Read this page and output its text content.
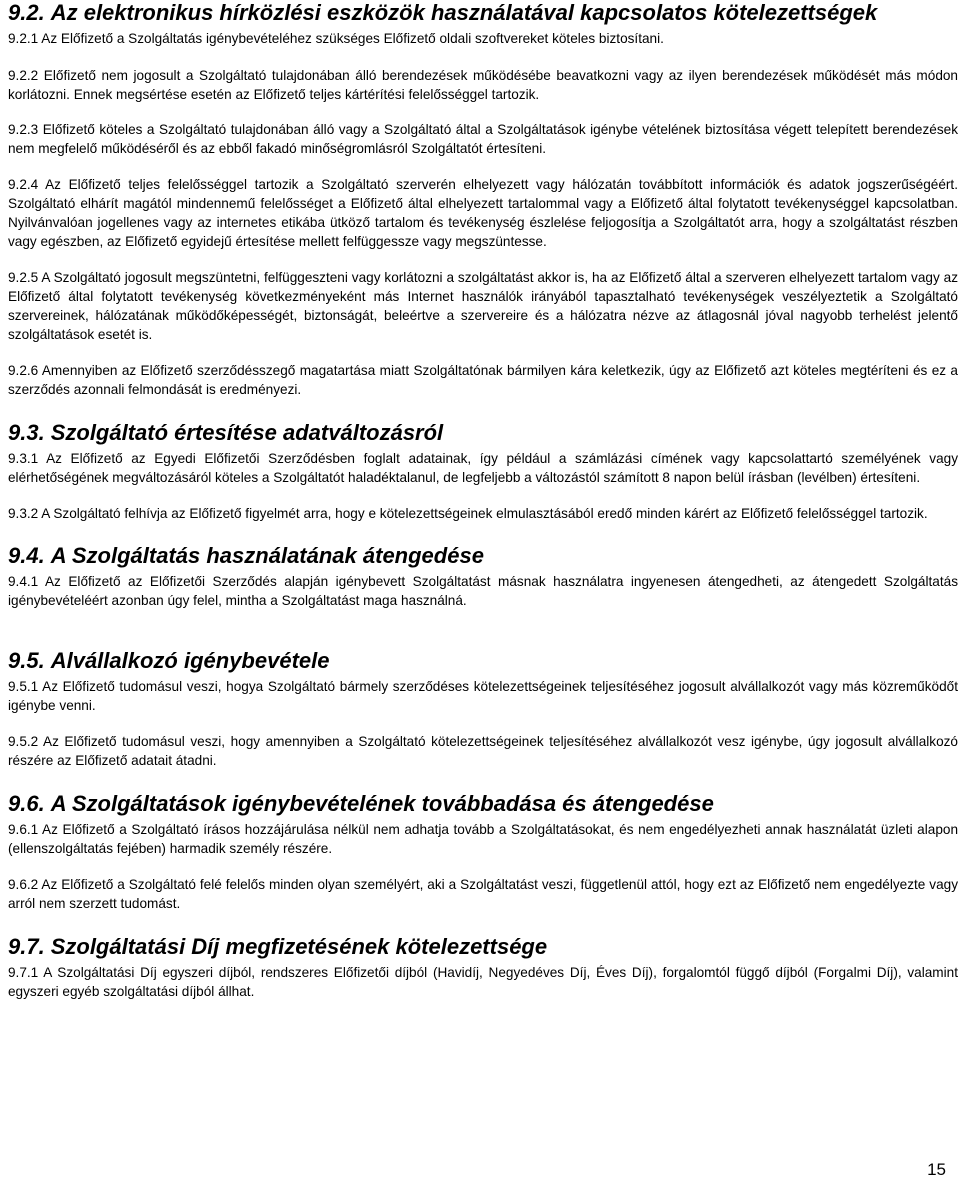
9.2. Az elektronikus hírközlési eszközök használatával kapcsolatos kötelezettségek

9.2.1 Az Előfizető a Szolgáltatás igénybevételéhez szükséges Előfizető oldali szoftvereket köteles biztosítani.

9.2.2 Előfizető nem jogosult a Szolgáltató tulajdonában álló berendezések működésébe beavatkozni vagy az ilyen berendezések működését más módon korlátozni. Ennek megsértése esetén az Előfizető teljes kártérítési felelősséggel tartozik.

9.2.3 Előfizető köteles a Szolgáltató tulajdonában álló vagy a Szolgáltató által a Szolgáltatások igénybe vételének biztosítása végett telepített berendezések nem megfelelő működéséről és az ebből fakadó minőségromlásról Szolgáltatót értesíteni.

9.2.4 Az Előfizető teljes felelősséggel tartozik a Szolgáltató szerverén elhelyezett vagy hálózatán továbbított információk és adatok jogszerűségéért. Szolgáltató elhárít magától mindennemű felelősséget a Előfizető által elhelyezett tartalommal vagy a Előfizető által folytatott tevékenységgel kapcsolatban. Nyilvánvalóan jogellenes vagy az internetes etikába ütköző tartalom és tevékenység észlelése feljogosítja a Szolgáltatót arra, hogy a szolgáltatást részben vagy egészben, az Előfizető egyidejű értesítése mellett felfüggessze vagy megszüntesse.

9.2.5 A Szolgáltató jogosult megszüntetni, felfüggeszteni vagy korlátozni a szolgáltatást akkor is, ha az Előfizető által a szerveren elhelyezett tartalom vagy az Előfizető által folytatott tevékenység következményeként más Internet használók irányából tapasztalható tevékenységek veszélyeztetik a Szolgáltató szervereinek, hálózatának működőképességét, biztonságát, beleértve a szervereire és a hálózatra nézve az átlagosnál jóval nagyobb terhelést jelentő szolgáltatások esetét is.

9.2.6 Amennyiben az Előfizető szerződésszegő magatartása miatt Szolgáltatónak bármilyen kára keletkezik, úgy az Előfizető azt köteles megtéríteni és ez a szerződés azonnali felmondását is eredményezi.

9.3. Szolgáltató értesítése adatváltozásról

9.3.1 Az Előfizető az Egyedi Előfizetői Szerződésben foglalt adatainak, így például a számlázási címének vagy kapcsolattartó személyének vagy elérhetőségének megváltozásáról köteles a Szolgáltatót haladéktalanul, de legfeljebb a változástól számított 8 napon belül írásban (levélben) értesíteni.

9.3.2 A Szolgáltató felhívja az Előfizető figyelmét arra, hogy e kötelezettségeinek elmulasztásából eredő minden kárért az Előfizető felelősséggel tartozik.

9.4. A Szolgáltatás használatának átengedése

9.4.1 Az Előfizető az Előfizetői Szerződés alapján igénybevett Szolgáltatást másnak használatra ingyenesen átengedheti, az átengedett Szolgáltatás igénybevételéért azonban úgy felel, mintha a Szolgáltatást maga használná.

9.5. Alvállalkozó igénybevétele

9.5.1 Az Előfizető tudomásul veszi, hogya Szolgáltató bármely szerződéses kötelezettségeinek teljesítéséhez jogosult alvállalkozót vagy más közreműködőt igénybe venni.

9.5.2 Az Előfizető tudomásul veszi, hogy amennyiben a Szolgáltató kötelezettségeinek teljesítéséhez alvállalkozót vesz igénybe, úgy jogosult alvállalkozó részére az Előfizető adatait átadni.

9.6. A Szolgáltatások igénybevételének továbbadása és átengedése

9.6.1 Az Előfizető a Szolgáltató írásos hozzájárulása nélkül nem adhatja tovább a Szolgáltatásokat, és nem engedélyezheti annak használatát üzleti alapon (ellenszolgáltatás fejében) harmadik személy részére.

9.6.2 Az Előfizető a Szolgáltató felé felelős minden olyan személyért, aki a Szolgáltatást veszi, függetlenül attól, hogy ezt az Előfizető nem engedélyezte vagy arról nem szerzett tudomást.

9.7. Szolgáltatási Díj megfizetésének kötelezettsége

9.7.1 A Szolgáltatási Díj egyszeri díjból, rendszeres Előfizetői díjból (Havidíj, Negyedéves Díj, Éves Díj), forgalomtól függő díjból (Forgalmi Díj), valamint egyszeri egyéb szolgáltatási díjból állhat.

15
